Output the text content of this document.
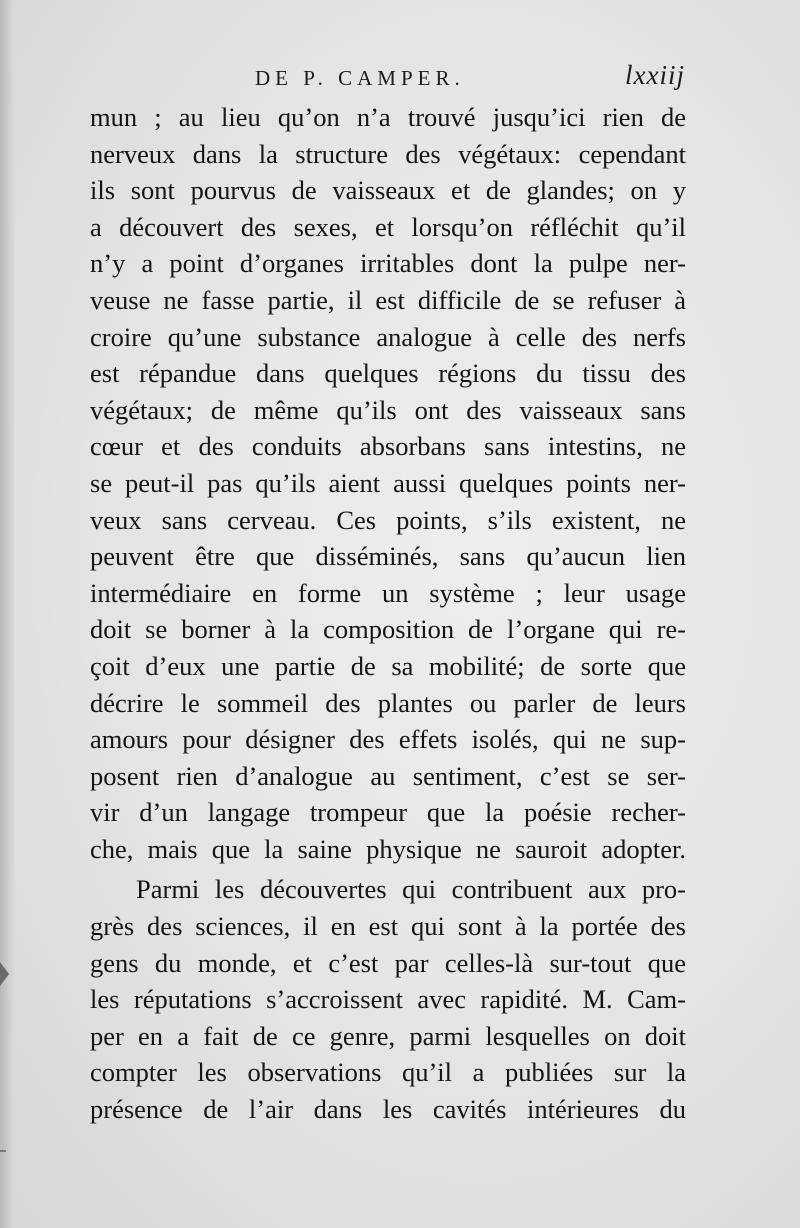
DE P. CAMPER.	lxxiij
mun ; au lieu qu’on n’a trouvé jusqu’ici rien de
nerveux dans la structure des végétaux: cependant
ils sont pourvus de vaisseaux et de glandes; on y
a découvert des sexes, et lorsqu’on réfléchit qu’il
n’y a point d’organes irritables dont la pulpe ner-
veuse ne fasse partie, il est difficile de se refuser à
croire qu’une substance analogue à celle des nerfs
est répandue dans quelques régions du tissu des
végétaux; de même qu’ils ont des vaisseaux sans
cœur et des conduits absorbans sans intestins, ne
se peut-il pas qu’ils aient aussi quelques points ner-
veux sans cerveau. Ces points, s’ils existent, ne
peuvent être que disséminés, sans qu’aucun lien
intermédiaire en forme un système ; leur usage
doit se borner à la composition de l’organe qui re-
çoit d’eux une partie de sa mobilité; de sorte que
décrire le sommeil des plantes ou parler de leurs
amours pour désigner des effets isolés, qui ne sup-
posent rien d’analogue au sentiment, c’est se ser-
vir d’un langage trompeur que la poésie recher-
che, mais que la saine physique ne sauroit adopter.
Parmi les découvertes qui contribuent aux pro-
grès des sciences, il en est qui sont à la portée des
gens du monde, et c’est par celles-là sur-tout que
les réputations s’accroissent avec rapidité. M. Cam-
per en a fait de ce genre, parmi lesquelles on doit
compter les observations qu’il a publiées sur la
présence de l’air dans les cavités intérieures du
